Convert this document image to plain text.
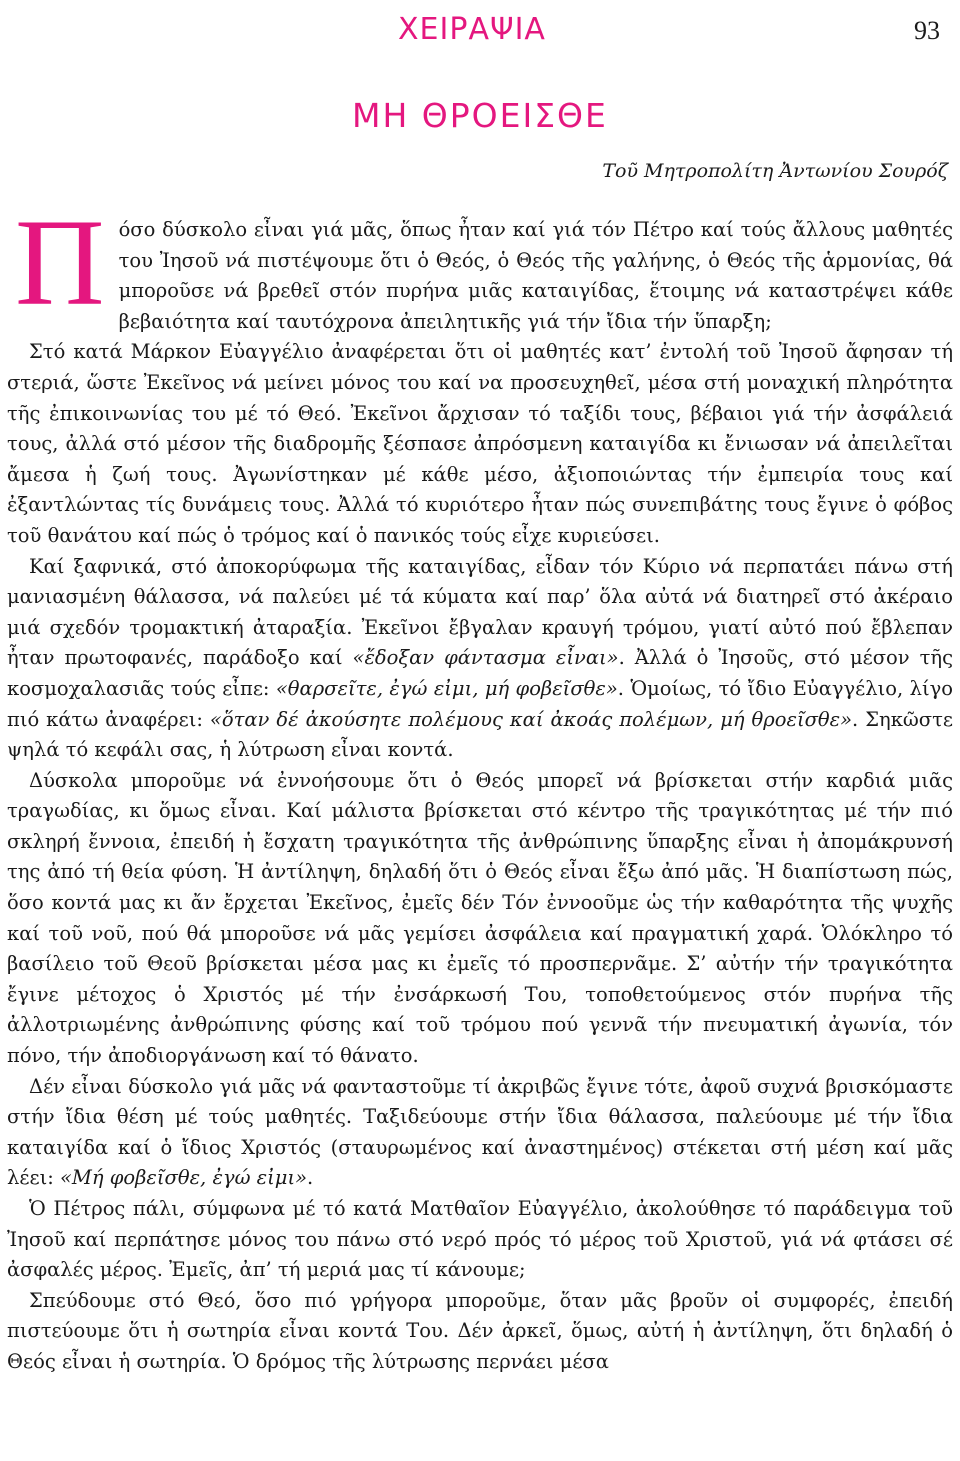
ΧΕΙΡΑΨΙΑ	93
ΜΗ ΘΡΟΕΙΣΘΕ
Τοῦ Μητροπολίτη Ἀντωνίου Σουρόζ

Πόσο δύσκολο εἶναι γιά μᾶς, ὅπως ἦταν καί γιά τόν Πέτρο καί τούς ἄλλους μαθητές του Ἰησοῦ νά πιστέψουμε ὅτι ὁ Θεός, ὁ Θεός τῆς γαλήνης, ὁ Θεός τῆς ἁρμονίας, θά μποροῦσε νά βρεθεῖ στόν πυρήνα μιᾶς καταιγίδας, ἕτοιμης νά καταστρέψει κάθε βεβαιότητα καί ταυτόχρονα ἀπειλητικῆς γιά τήν ἴδια τήν ὕπαρξη;

Στό κατά Μάρκον Εὐαγγέλιο ἀναφέρεται ὅτι οἱ μαθητές κατ’ ἐντολή τοῦ Ἰησοῦ ἄφησαν τή στεριά, ὥστε Ἐκεῖνος νά μείνει μόνος του καί να προσευχηθεῖ, μέσα στή μοναχική πληρότητα τῆς ἐπικοινωνίας του μέ τό Θεό. Ἐκεῖνοι ἄρχισαν τό ταξίδι τους, βέβαιοι γιά τήν ἀσφάλειά τους, ἀλλά στό μέσον τῆς διαδρομῆς ξέσπασε ἀπρόσμενη καταιγίδα κι ἔνιωσαν νά ἀπειλεῖται ἄμεσα ἡ ζωή τους. Ἀγωνίστηκαν μέ κάθε μέσο, ἀξιοποιώντας τήν ἐμπειρία τους καί ἐξαντλώντας τίς δυνάμεις τους. Ἀλλά τό κυριότερο ἦταν πώς συνεπιβάτης τους ἔγινε ὁ φόβος τοῦ θανάτου καί πώς ὁ τρόμος καί ὁ πανικός τούς εἶχε κυριεύσει.

Καί ξαφνικά, στό ἀποκορύφωμα τῆς καταιγίδας, εἶδαν τόν Κύριο νά περπατάει πάνω στή μανιασμένη θάλασσα, νά παλεύει μέ τά κύματα καί παρ’ ὅλα αὐτά νά διατηρεῖ στό ἀκέραιο μιά σχεδόν τρομακτική ἀταραξία. Ἐκεῖνοι ἔβγαλαν κραυγή τρόμου, γιατί αὐτό πού ἔβλεπαν ἦταν πρωτοφανές, παράδοξο καί «ἔδοξαν φάντασμα εἶναι». Ἀλλά ὁ Ἰησοῦς, στό μέσον τῆς κοσμοχαλασιᾶς τούς εἶπε: «θαρσεῖτε, ἐγώ εἰμι, μή φοβεῖσθε». Ὁμοίως, τό ἴδιο Εὐαγγέλιο, λίγο πιό κάτω ἀναφέρει: «ὅταν δέ ἀκούσητε πολέμους καί ἀκοάς πολέμων, μή θροεῖσθε». Σηκῶστε ψηλά τό κεφάλι σας, ἡ λύτρωση εἶναι κοντά.

Δύσκολα μποροῦμε νά ἐννοήσουμε ὅτι ὁ Θεός μπορεῖ νά βρίσκεται στήν καρδιά μιᾶς τραγωδίας, κι ὅμως εἶναι. Καί μάλιστα βρίσκεται στό κέντρο τῆς τραγικότητας μέ τήν πιό σκληρή ἔννοια, ἐπειδή ἡ ἔσχατη τραγικότητα τῆς ἀνθρώπινης ὕπαρξης εἶναι ἡ ἀπομάκρυνσή της ἀπό τή θεία φύση. Ἡ ἀντίληψη, δηλαδή ὅτι ὁ Θεός εἶναι ἔξω ἀπό μᾶς. Ἡ διαπίστωση πώς, ὅσο κοντά μας κι ἄν ἔρχεται Ἐκεῖνος, ἐμεῖς δέν Τόν ἐννοοῦμε ὡς τήν καθαρότητα τῆς ψυχῆς καί τοῦ νοῦ, πού θά μποροῦσε νά μᾶς γεμίσει ἀσφάλεια καί πραγματική χαρά. Ὁλόκληρο τό βασίλειο τοῦ Θεοῦ βρίσκεται μέσα μας κι ἐμεῖς τό προσπερνᾶμε. Σ’ αὐτήν τήν τραγικότητα ἔγινε μέτοχος ὁ Χριστός μέ τήν ἐνσάρκωσή Του, τοποθετούμενος στόν πυρήνα τῆς ἀλλοτριωμένης ἀνθρώπινης φύσης καί τοῦ τρόμου πού γεννᾶ τήν πνευματική ἀγωνία, τόν πόνο, τήν ἀποδιοργάνωση καί τό θάνατο.

Δέν εἶναι δύσκολο γιά μᾶς νά φανταστοῦμε τί ἀκριβῶς ἔγινε τότε, ἀφοῦ συχνά βρισκόμαστε στήν ἴδια θέση μέ τούς μαθητές. Ταξιδεύουμε στήν ἴδια θάλασσα, παλεύουμε μέ τήν ἴδια καταιγίδα καί ὁ ἴδιος Χριστός (σταυρωμένος καί ἀναστημένος) στέκεται στή μέση καί μᾶς λέει: «Μή φοβεῖσθε, ἐγώ εἰμι».

Ὁ Πέτρος πάλι, σύμφωνα μέ τό κατά Ματθαῖον Εὐαγγέλιο, ἀκολούθησε τό παράδειγμα τοῦ Ἰησοῦ καί περπάτησε μόνος του πάνω στό νερό πρός τό μέρος τοῦ Χριστοῦ, γιά νά φτάσει σέ ἀσφαλές μέρος. Ἐμεῖς, ἀπ’ τή μεριά μας τί κάνουμε;

Σπεύδουμε στό Θεό, ὅσο πιό γρήγορα μποροῦμε, ὅταν μᾶς βροῦν οἱ συμφορές, ἐπειδή πιστεύουμε ὅτι ἡ σωτηρία εἶναι κοντά Του. Δέν ἀρκεῖ, ὅμως, αὐτή ἡ ἀντίληψη, ὅτι δηλαδή ὁ Θεός εἶναι ἡ σωτηρία. Ὁ δρόμος τῆς λύτρωσης περνάει μέσα
